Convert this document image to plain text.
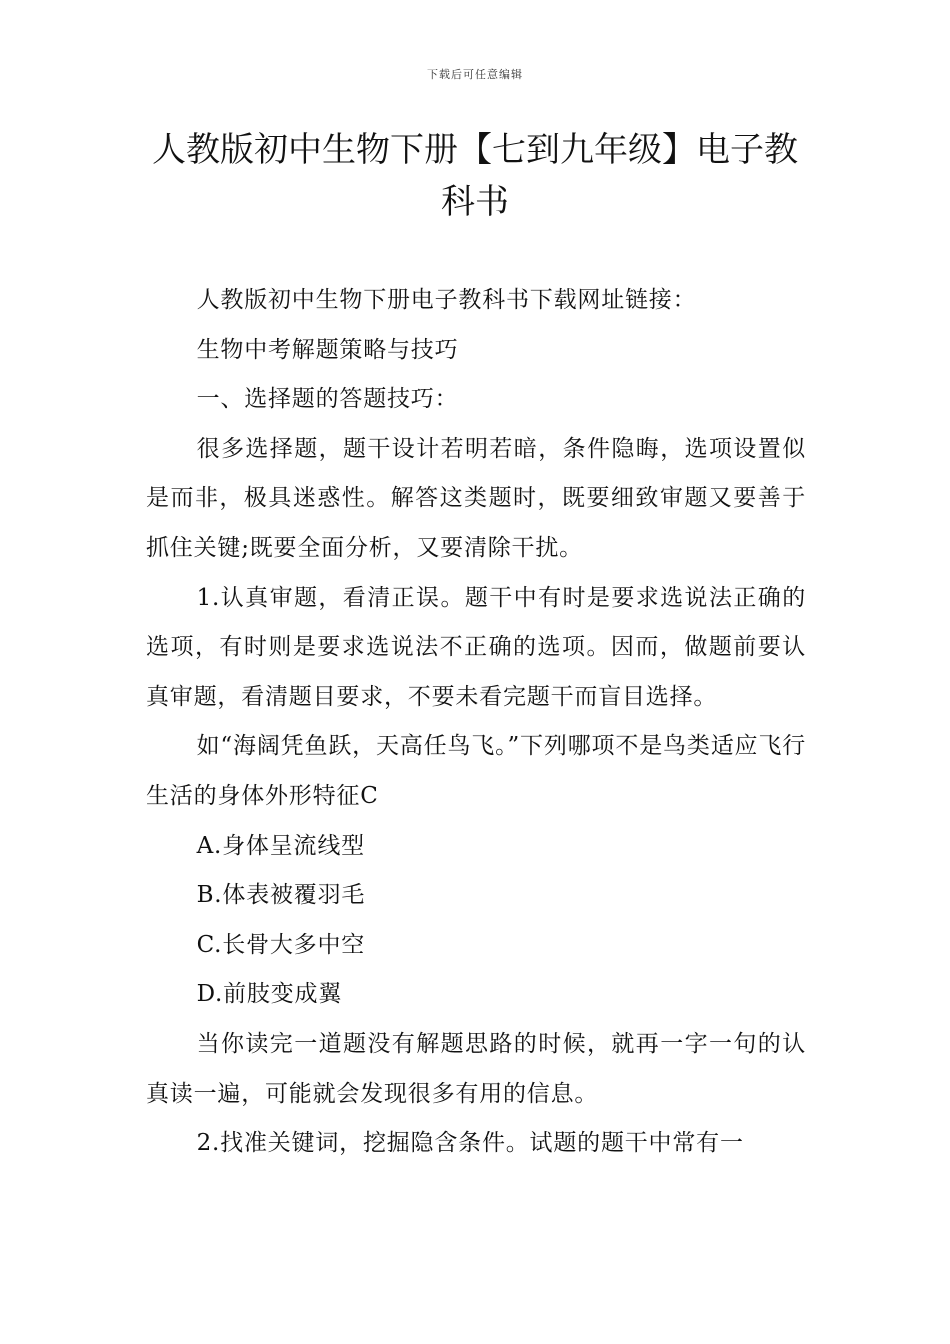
下载后可任意编辑
人教版初中生物下册【七到九年级】电子教科书

人教版初中生物下册电子教科书下载网址链接：

生物中考解题策略与技巧

一、选择题的答题技巧：

很多选择题，题干设计若明若暗，条件隐晦，选项设置似是而非，极具迷惑性。解答这类题时，既要细致审题又要善于抓住关键;既要全面分析，又要清除干扰。

1.认真审题，看清正误。题干中有时是要求选说法正确的选项，有时则是要求选说法不正确的选项。因而，做题前要认真审题，看清题目要求，不要未看完题干而盲目选择。

如“海阔凭鱼跃，天高任鸟飞。”下列哪项不是鸟类适应飞行生活的身体外形特征C

A.身体呈流线型

B.体表被覆羽毛

C.长骨大多中空

D.前肢变成翼

当你读完一道题没有解题思路的时候，就再一字一句的认真读一遍，可能就会发现很多有用的信息。

2.找准关键词，挖掘隐含条件。试题的题干中常有一
